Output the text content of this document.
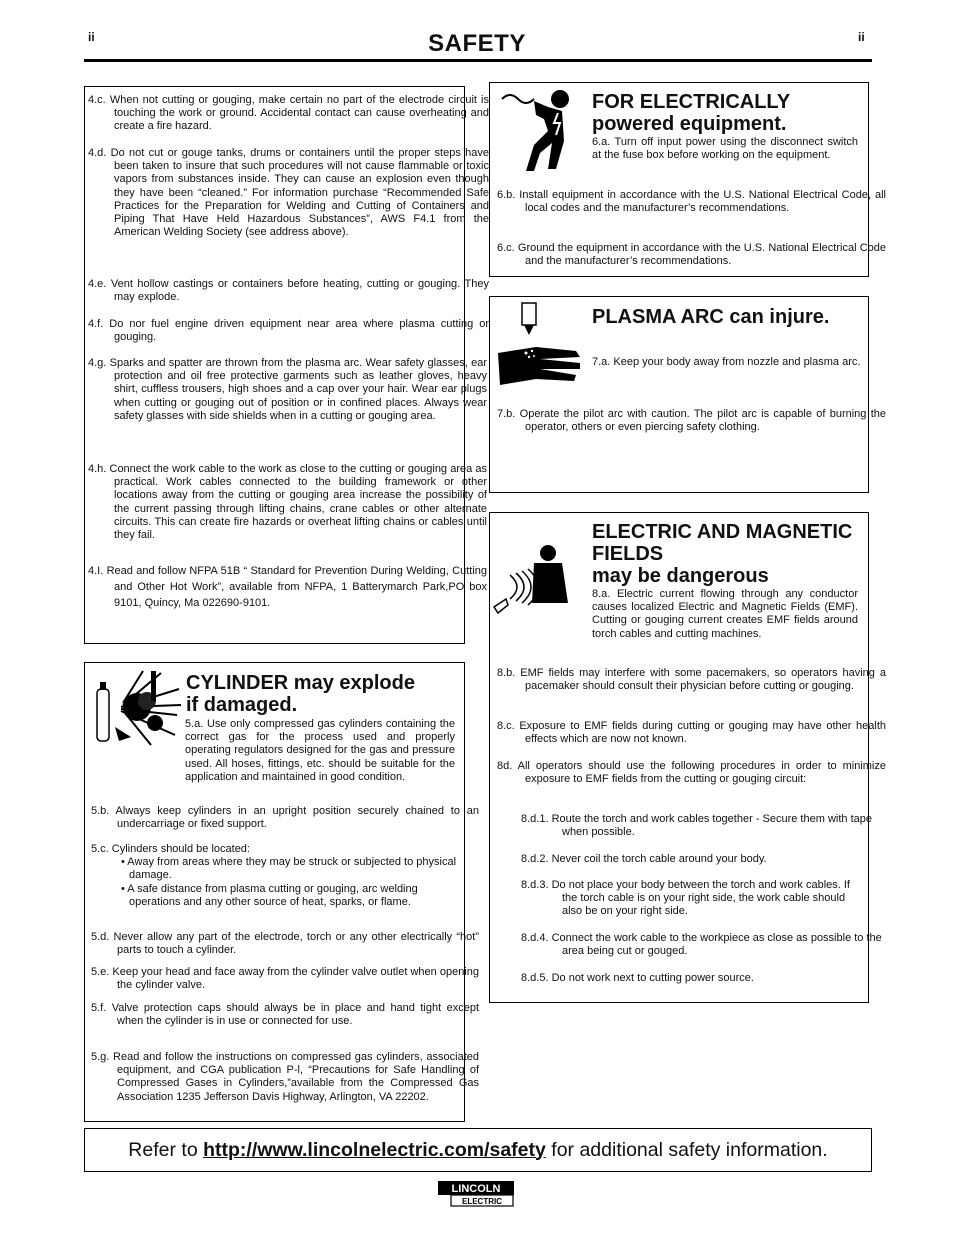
ii	ii
SAFETY

4.c. When not cutting or gouging, make certain no part of the electrode circuit is touching the work or ground. Accidental contact can cause overheating and create a fire hazard.

4.d. Do not cut or gouge tanks, drums or containers until the proper steps have been taken to insure that such procedures will not cause flammable or toxic vapors from substances inside. They can cause an explosion even though they have been “cleaned.” For information purchase “Recommended Safe Practices for the Preparation for Welding and Cutting of Containers and Piping That Have Held Hazardous Substances”, AWS F4.1 from the American Welding Society (see address above).

4.e. Vent hollow castings or containers before heating, cutting or gouging. They may explode.

4.f. Do nor fuel engine driven equipment near area where plasma cutting or gouging.

4.g. Sparks and spatter are thrown from the plasma arc. Wear safety glasses, ear protection and oil free protective garments such as leather gloves, heavy shirt, cuffless trousers, high shoes and a cap over your hair. Wear ear plugs when cutting or gouging out of position or in confined places. Always wear safety glasses with side shields when in a cutting or gouging area.

4.h. Connect the work cable to the work as close to the cutting or gouging area as practical. Work cables connected to the building framework or other locations away from the cutting or gouging area increase the possibility of the current passing through lifting chains, crane cables or other alternate circuits. This can create fire hazards or overheat lifting chains or cables until they fail.

4.I. Read and follow NFPA 51B “ Standard for Prevention During Welding, Cutting and Other Hot Work”, available from NFPA, 1 Batterymarch Park,PO box 9101, Quincy, Ma 022690-9101.

CYLINDER may explode
if damaged.

5.a. Use only compressed gas cylinders containing the correct gas for the process used and properly operating regulators designed for the gas and pressure used. All hoses, fittings, etc. should be suitable for the application and maintained in good condition.

5.b. Always keep cylinders in an upright position securely chained to an undercarriage or fixed support.

5.c. Cylinders should be located:
• Away from areas where they may be struck or subjected to physical damage.
• A safe distance from plasma cutting or gouging, arc welding operations and any other source of heat, sparks, or flame.

5.d. Never allow any part of the electrode, torch or any other electrically “hot” parts to touch a cylinder.

5.e. Keep your head and face away from the cylinder valve outlet when opening the cylinder valve.

5.f. Valve protection caps should always be in place and hand tight except when the cylinder is in use or connected for use.

5.g. Read and follow the instructions on compressed gas cylinders, associated equipment, and CGA publication P-l, “Precautions for Safe Handling of Compressed Gases in Cylinders,”available from the Compressed Gas Association 1235 Jefferson Davis Highway, Arlington, VA 22202.

FOR ELECTRICALLY
powered equipment.

6.a. Turn off input power using the disconnect switch at the fuse box before working on the equipment.

6.b. Install equipment in accordance with the U.S. National Electrical Code, all local codes and the manufacturer’s recommendations.

6.c. Ground the equipment in accordance with the U.S. National Electrical Code and the manufacturer’s recommendations.

PLASMA ARC can injure.

7.a. Keep your body away from nozzle and plasma arc.

7.b. Operate the pilot arc with caution. The pilot arc is capable of burning the operator, others or even piercing safety clothing.

ELECTRIC AND MAGNETIC
FIELDS
may be dangerous

8.a. Electric current flowing through any conductor causes localized Electric and Magnetic Fields (EMF). Cutting or gouging current creates EMF fields around torch cables and cutting machines.

8.b. EMF fields may interfere with some pacemakers, so operators having a pacemaker should consult their physician before cutting or gouging.

8.c. Exposure to EMF fields during cutting or gouging may have other health effects which are now not known.

8d. All operators should use the following procedures in order to minimize exposure to EMF fields from the cutting or gouging circuit:

8.d.1. Route the torch and work cables together - Secure them with tape when possible.

8.d.2. Never coil the torch cable around your body.

8.d.3. Do not place your body between the torch and work cables. If the torch cable is on your right side, the work cable should also be on your right side.

8.d.4. Connect the work cable to the workpiece as close as possible to the area being cut or gouged.

8.d.5. Do not work next to cutting power source.

Refer to
http://www.lincolnelectric.com/safety
for additional safety information.
LINCOLN
ELECTRIC
